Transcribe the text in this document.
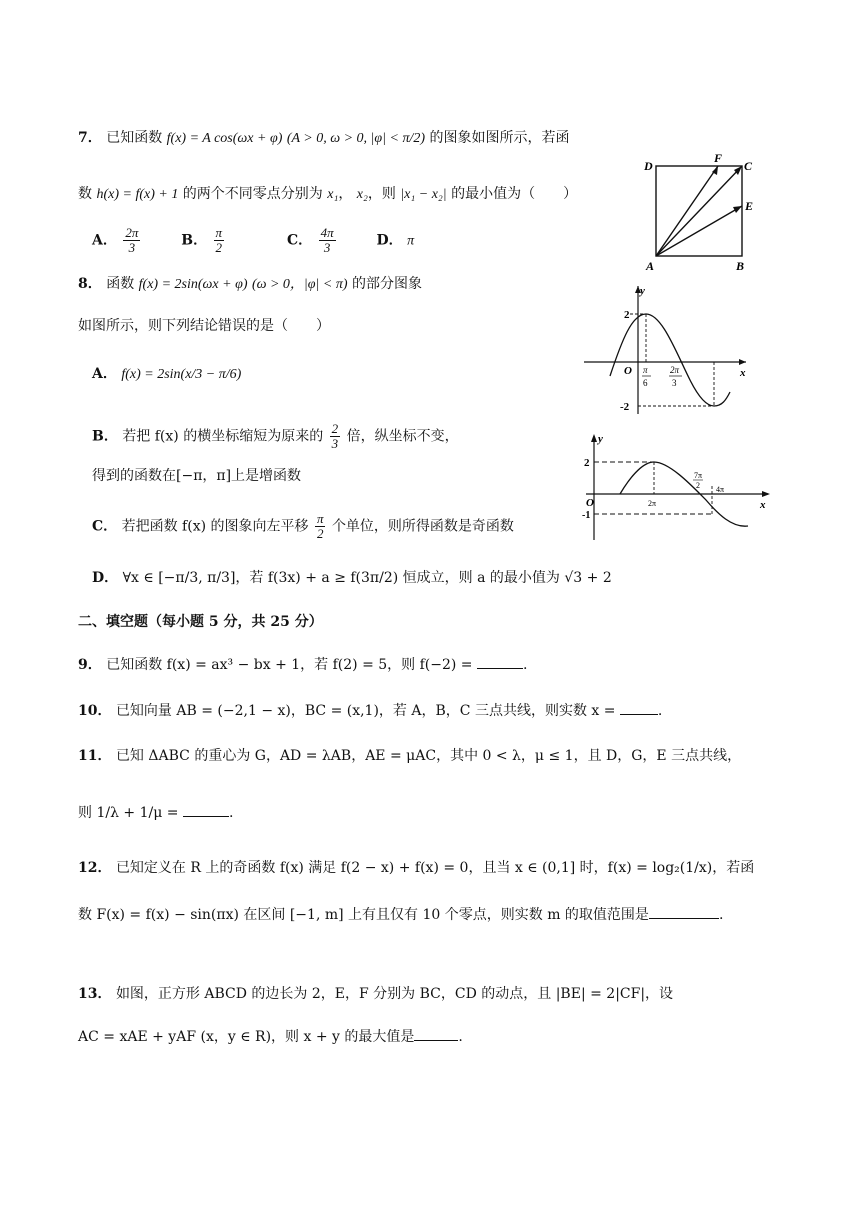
7． 已知函数 f(x) = A cos(ωx + φ) (A > 0, ω > 0, |φ| < π/2) 的图象如图所示，若函
数 h(x) = f(x) + 1 的两个不同零点分别为 x₁， x₂，则 |x₁ − x₂| 的最小值为（　　）
A． $\frac{2\pi}{3}$	B． $\frac{\pi}{2}$	C． $\frac{4\pi}{3}$	D． π
8． 函数 f(x) = 2sin(ωx + φ) (ω > 0，|φ| < π) 的部分图象
如图所示，则下列结论错误的是（　　）
A． f(x) = 2sin(x/3 − π/6)
B． 若把 f(x) 的横坐标缩短为原来的 $\frac{2}{3}$ 倍，纵坐标不变，
得到的函数在[−π，π]上是增函数
C． 若把函数 f(x) 的图象向左平移 $\frac{\pi}{2}$ 个单位，则所得函数是奇函数
D． ∀x ∈ [−π/3, π/3]，若 f(3x) + a ≥ f(3π/2) 恒成立，则 a 的最小值为 √3 + 2
二、填空题（每小题 5 分，共 25 分）
9． 已知函数 f(x) = ax³ − bx + 1，若 f(2) = 5，则 f(−2) =	.
10． 已知向量 AB = (−2,1 − x)，BC = (x,1)，若 A，B，C 三点共线，则实数 x =	.
11． 已知 ΔABC 的重心为 G，AD = λAB，AE = μAC，其中 0 < λ，μ ≤ 1，且 D，G，E 三点共线，
则 1/λ + 1/μ =	.
12． 已知定义在 R 上的奇函数 f(x) 满足 f(2 − x) + f(x) = 0，且当 x ∈ (0,1] 时，f(x) = log₂(1/x)，若函
数 F(x) = f(x) − sin(πx) 在区间 [−1, m] 上有且仅有 10 个零点，则实数 m 的取值范围是	.
13． 如图，正方形 ABCD 的边长为 2，E，F 分别为 BC，CD 的动点，且 |BE| = 2|CF|，设
AC = xAE + yAF (x，y ∈ R)，则 x + y 的最大值是	.
D
F
C
E
A	B
y
x
O
2
-2
π
6
2π
3
y
x
O
2
-1
2π
7π
2 4π
